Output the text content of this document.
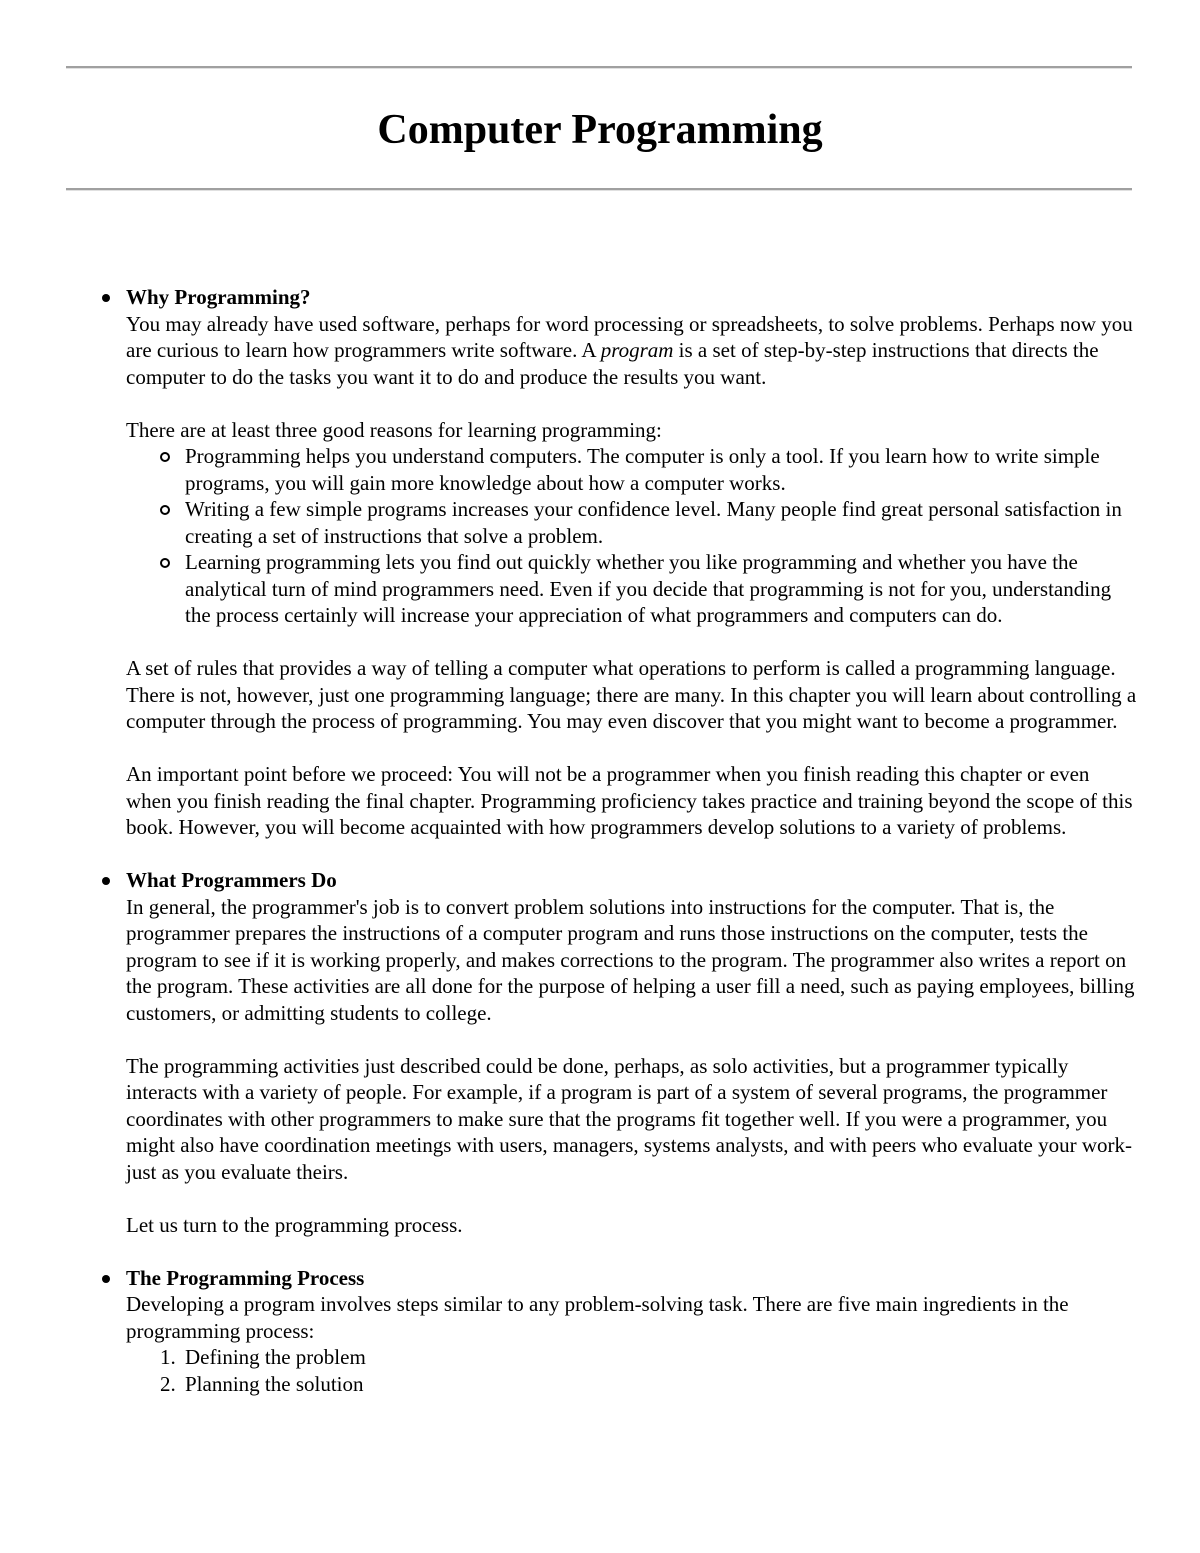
Computer Programming
Why Programming?

You may already have used software, perhaps for word processing or spreadsheets, to solve problems. Perhaps now you are curious to learn how programmers write software. A program is a set of step-by-step instructions that directs the computer to do the tasks you want it to do and produce the results you want.

There are at least three good reasons for learning programming:

Programming helps you understand computers. The computer is only a tool. If you learn how to write simple programs, you will gain more knowledge about how a computer works.
Writing a few simple programs increases your confidence level. Many people find great personal satisfaction in creating a set of instructions that solve a problem.
Learning programming lets you find out quickly whether you like programming and whether you have the analytical turn of mind programmers need. Even if you decide that programming is not for you, understanding the process certainly will increase your appreciation of what programmers and computers can do.

A set of rules that provides a way of telling a computer what operations to perform is called a programming language. There is not, however, just one programming language; there are many. In this chapter you will learn about controlling a computer through the process of programming. You may even discover that you might want to become a programmer.

An important point before we proceed: You will not be a programmer when you finish reading this chapter or even when you finish reading the final chapter. Programming proficiency takes practice and training beyond the scope of this book. However, you will become acquainted with how programmers develop solutions to a variety of problems.

What Programmers Do

In general, the programmer's job is to convert problem solutions into instructions for the computer. That is, the programmer prepares the instructions of a computer program and runs those instructions on the computer, tests the program to see if it is working properly, and makes corrections to the program. The programmer also writes a report on the program. These activities are all done for the purpose of helping a user fill a need, such as paying employees, billing customers, or admitting students to college.

The programming activities just described could be done, perhaps, as solo activities, but a programmer typically interacts with a variety of people. For example, if a program is part of a system of several programs, the programmer coordinates with other programmers to make sure that the programs fit together well. If you were a programmer, you might also have coordination meetings with users, managers, systems analysts, and with peers who evaluate your work-just as you evaluate theirs.

Let us turn to the programming process.

The Programming Process

Developing a program involves steps similar to any problem-solving task. There are five main ingredients in the programming process:

1. Defining the problem
2. Planning the solution
